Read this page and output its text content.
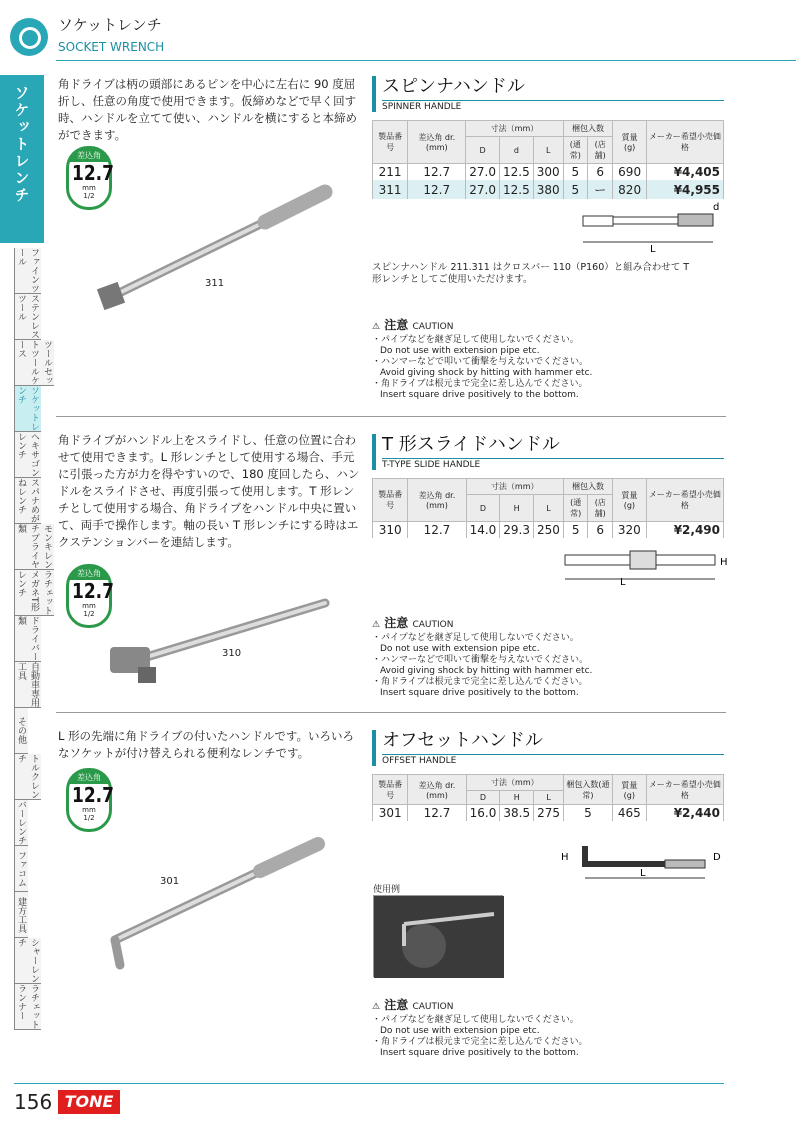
ソケットレンチ
SOCKET WRENCH
ソケットレンチ
ファインツール
ステンレスツール
ツールセットツールケース
ソケットレンチ
ヘキサゴンレンチ
スパナめがねレンチ
モンキレンチプライヤ類
ラチェットメガネT形レンチ
ドライバー類
自動車専用工具
その他
トルクレンチ
バーレンチ
ファコム
建方工具
シャーレンチ
ラチェットランナー
角ドライブは柄の頭部にあるピンを中心に左右に 90 度屈折し、任意の角度で使用できます。仮締めなどで早く回す時、ハンドルを立てて使い、ハンドルを横にすると本締めができます。
差込角
12.7
mm
1/2
311
スピンナハンドル
SPINNER HANDLE
製品番号	差込角 dr. (mm)	寸法（mm）			梱包入数		質量 (g)	メーカー希望小売価格
		D	d	L	(通常)	(店舗)		
211	12.7	27.0	12.5	300	5	6	690	¥4,405
311	12.7	27.0	12.5	380	5	ー	820	¥4,955
L
d
スピンナハンドル 211.311 はクロスバー 110（P160）と組み合わせて T 形レンチとしてご使用いただけます。
⚠ 注意 CAUTION
・パイプなどを継ぎ足して使用しないでください。
Do not use with extension pipe etc.
・ハンマーなどで叩いて衝撃を与えないでください。
Avoid giving shock by hitting with hammer etc.
・角ドライブは根元まで完全に差し込んでください。
Insert square drive positively to the bottom.
角ドライブがハンドル上をスライドし、任意の位置に合わせて使用できます。L 形レンチとして使用する場合、手元に引張った方が力を得やすいので、180 度回したら、ハンドルをスライドさせ、再度引張って使用します。T 形レンチとして使用する場合、角ドライブをハンドル中央に置いて、両手で操作します。軸の長い T 形レンチにする時はエクステンションバーを連結します。
差込角
12.7
mm
1/2
310
T 形スライドハンドル
T-TYPE SLIDE HANDLE
製品番号	差込角 dr. (mm)	寸法（mm）			梱包入数		質量 (g)	メーカー希望小売価格
		D	H	L	(通常)	(店舗)		
310	12.7	14.0	29.3	250	5	6	320	¥2,490
L
H
⚠ 注意 CAUTION
・パイプなどを継ぎ足して使用しないでください。
Do not use with extension pipe etc.
・ハンマーなどで叩いて衝撃を与えないでください。
Avoid giving shock by hitting with hammer etc.
・角ドライブは根元まで完全に差し込んでください。
Insert square drive positively to the bottom.
L 形の先端に角ドライブの付いたハンドルです。いろいろなソケットが付け替えられる便利なレンチです。
差込角
12.7
mm
1/2
301
オフセットハンドル
OFFSET HANDLE
製品番号	差込角 dr. (mm)	寸法（mm）			梱包入数(通常)	質量 (g)	メーカー希望小売価格
		D	H	L			
301	12.7	16.0	38.5	275	5	465	¥2,440
L
H	D
使用例
⚠ 注意 CAUTION
・パイプなどを継ぎ足して使用しないでください。
Do not use with extension pipe etc.
・角ドライブは根元まで完全に差し込んでください。
Insert square drive positively to the bottom.
156 TONE
